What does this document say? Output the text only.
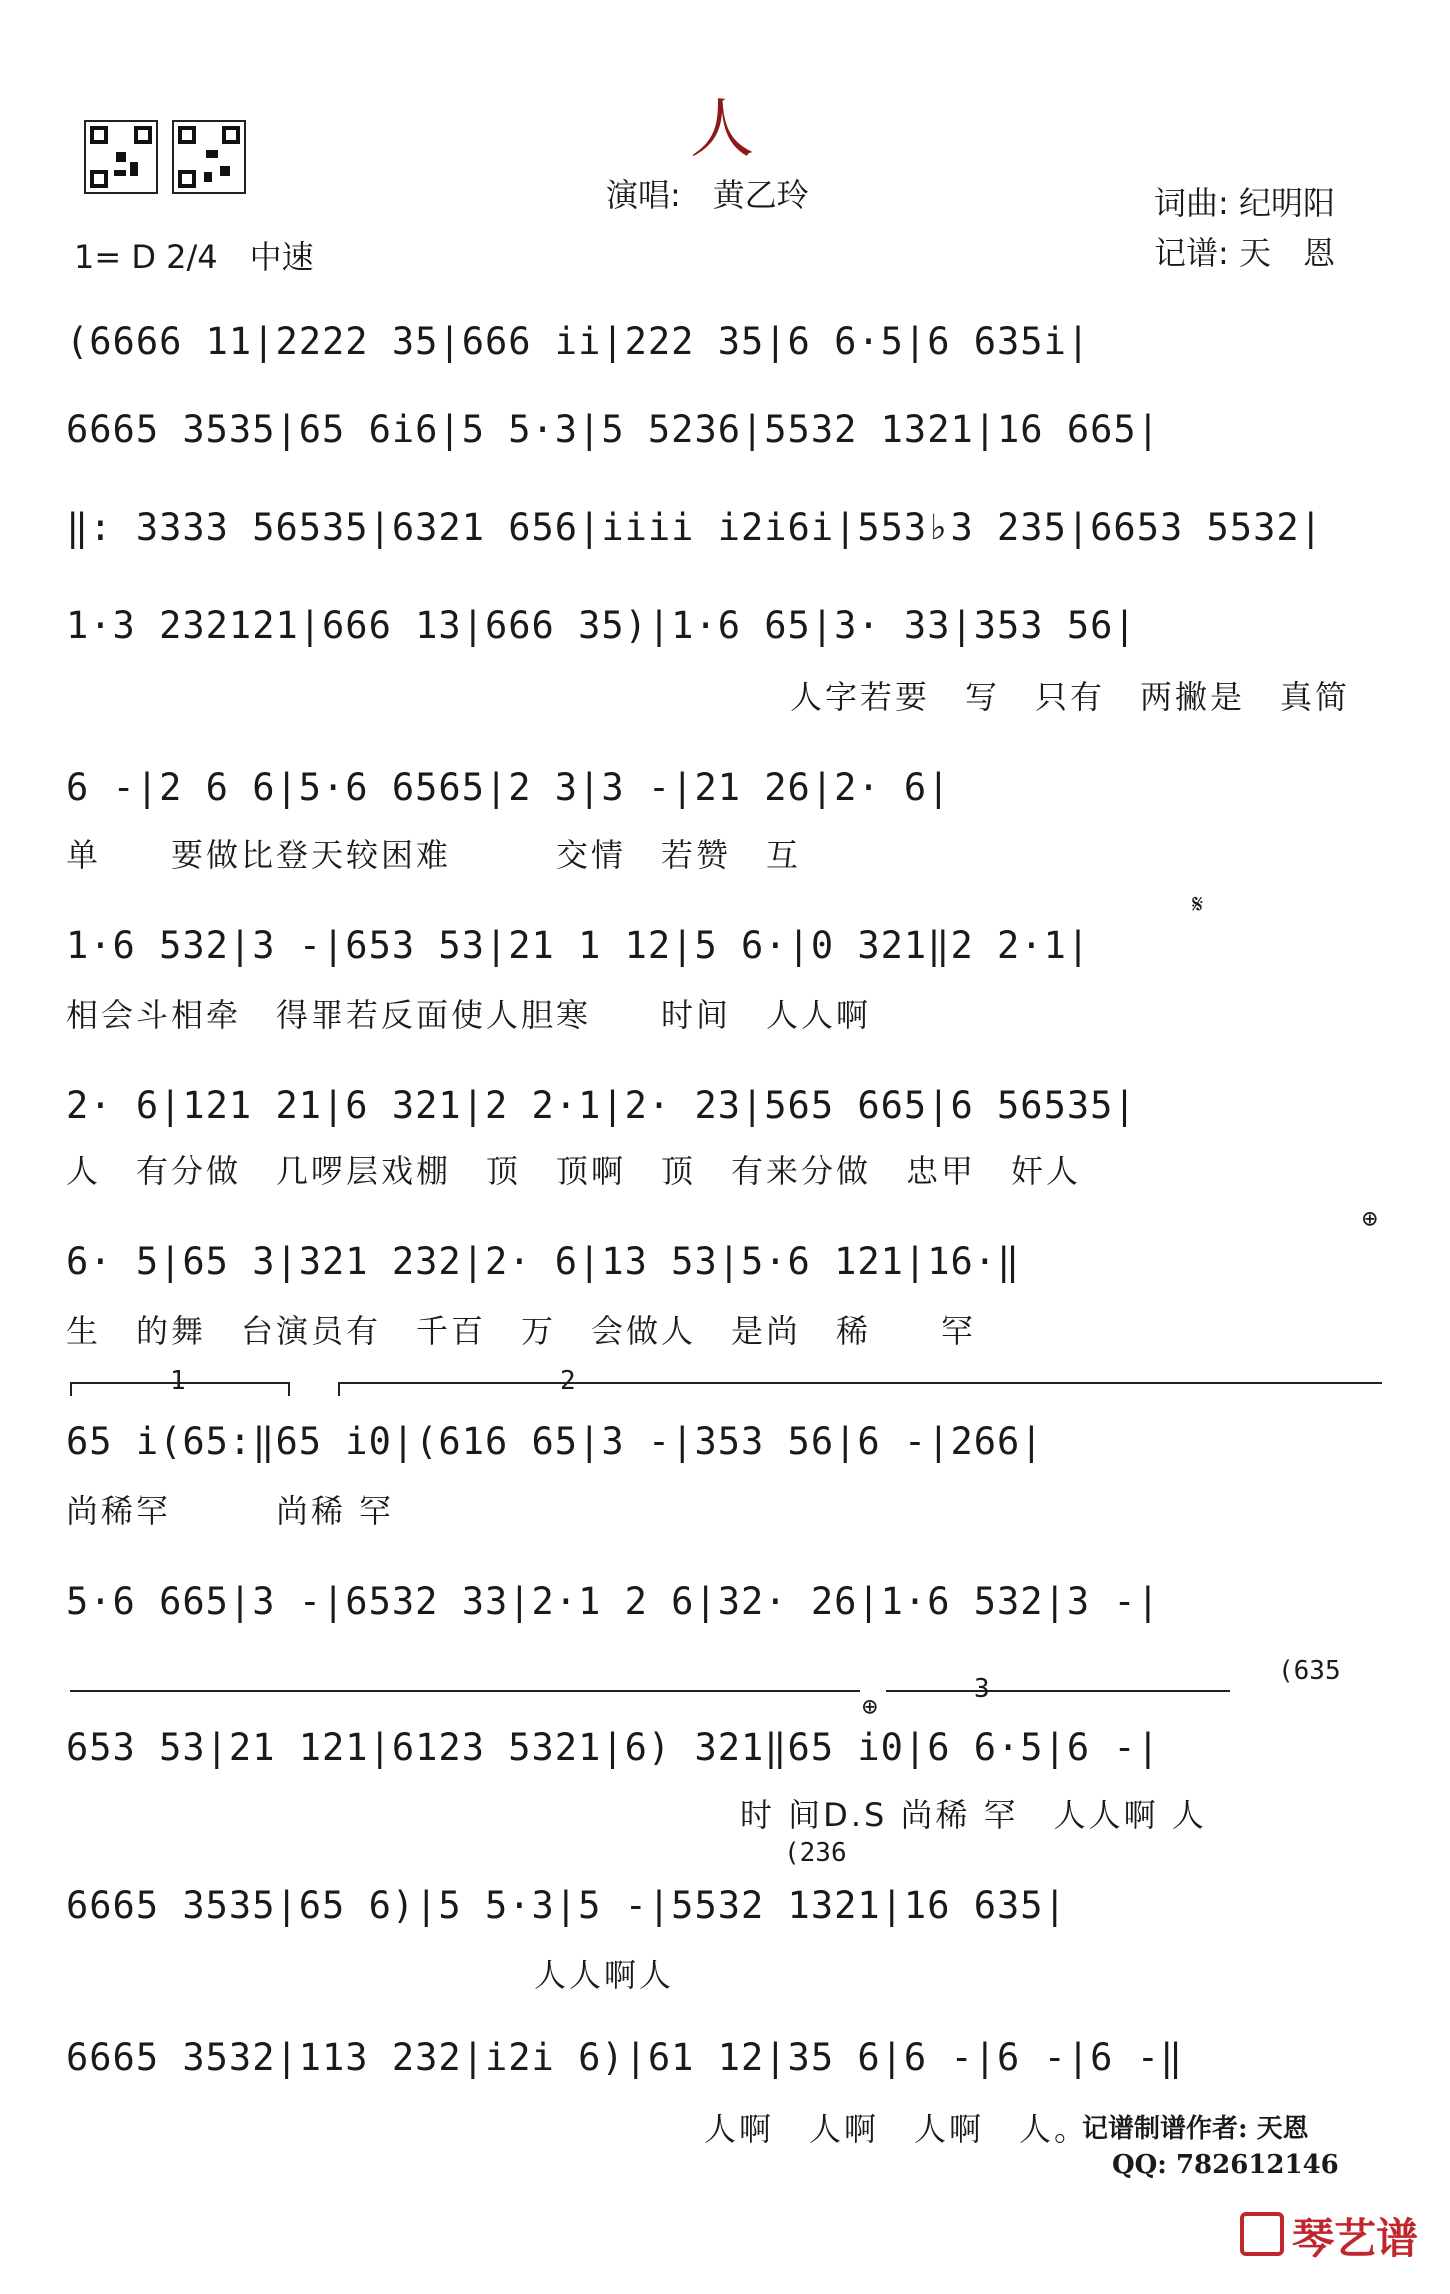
人
演唱:　黄乙玲	词曲: 纪明阳
1= D 2/4　中速	记谱: 天　恩
(6666 11|2222 35|666 ii|222 35|6 6·5|6 635i|
6665 3535|65 6i6|5 5·3|5 5236|5532 1321|16 665|
‖: 3333 56535|6321 656|iiii i2i6i|553♭3 235|6653 5532|
1·3 232121|666 13|666 35)|1·6 65|3· 33|353 56|
人字若要　写　只有　两撇是　真简
6 -|2 6 6|5·6 6565|2 3|3 -|21 26|2· 6|
单　　要做比登天较困难　　　交情　若赞　互
1·6 532|3 -|653 53|21 1 12|5 6·|0 321‖2 2·1|
𝄋
相会斗相牵　得罪若反面使人胆寒　　时间　人人啊
2· 6|121 21|6 321|2 2·1|2· 23|565 665|6 56535|
人　有分做　几啰层戏棚　顶　顶啊　顶　有来分做　忠甲　奸人
6· 5|65 3|321 232|2· 6|13 53|5·6 121|16·‖
⊕
生　的舞　台演员有　千百　万　会做人　是尚　稀　　罕
1	2
65 i(65:‖65 i0|(616 65|3 -|353 56|6 -|266|
尚稀罕　　　尚稀 罕
5·6 665|3 -|6532 33|2·1 2 6|32· 26|1·6 532|3 -|
3
(635
⊕
653 53|21 121|6123 5321|6) 321‖65 i0|6 6·5|6 -|
时 间D.S 尚稀 罕　人人啊 人
(236
6665 3535|65 6)|5 5·3|5 -|5532 1321|16 635|
人人啊人
6665 3532|113 232|i2i 6)|61 12|35 6|6 -|6 -|6 -‖
人啊　人啊　人啊　人。
记谱制谱作者: 天恩
QQ: 782612146
琴艺谱
